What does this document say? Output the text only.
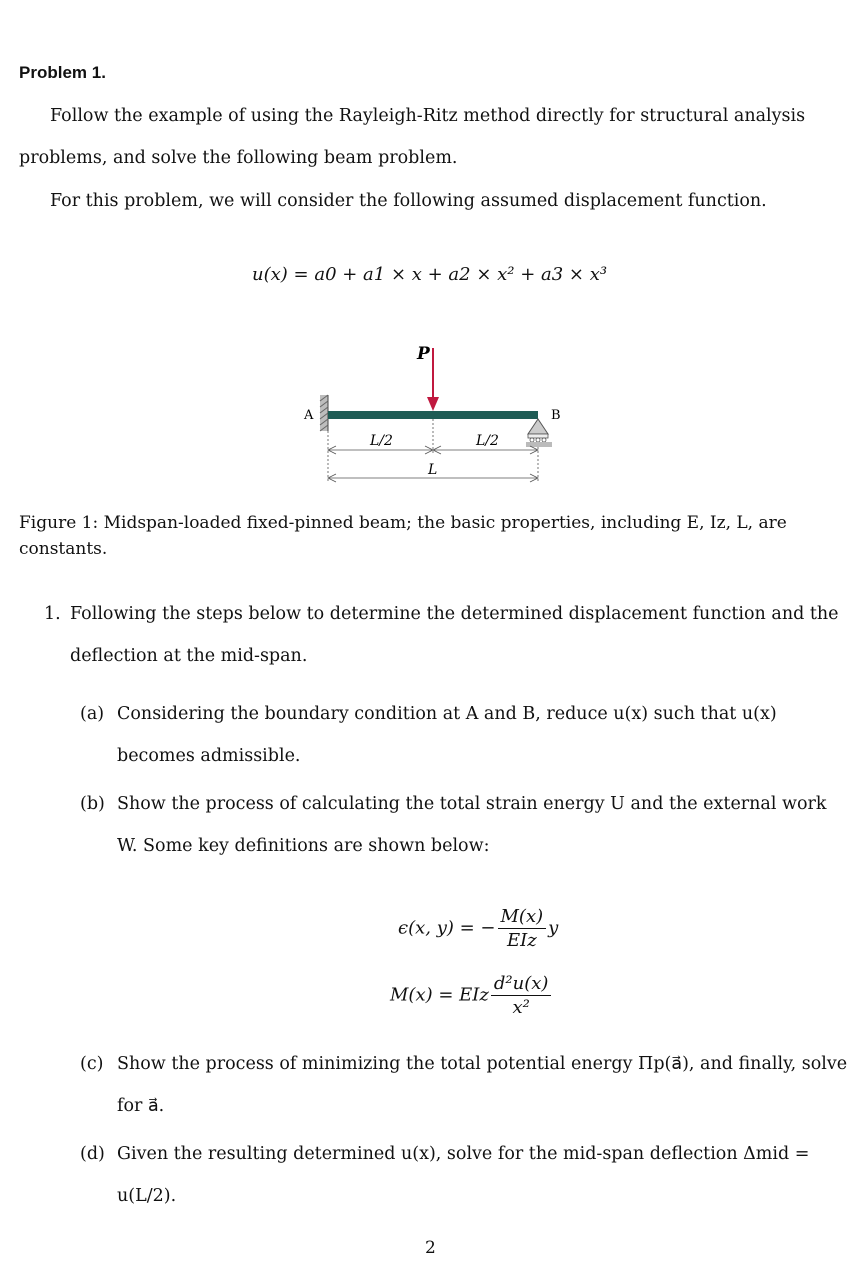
Problem 1.
Follow the example of using the Rayleigh-Ritz method directly for structural analysis
problems, and solve the following beam problem.
For this problem, we will consider the following assumed displacement function.
u(x) = a0 + a1 × x + a2 × x² + a3 × x³
A
P
B
L/2	L/2
L
Figure 1: Midspan-loaded fixed-pinned beam; the basic properties, including E, Iz, L, are
constants.
1. Following the steps below to determine the determined displacement function and the
deflection at the mid-span.
(a) Considering the boundary condition at A and B, reduce u(x) such that u(x)
becomes admissible.
(b) Show the process of calculating the total strain energy U and the external work
W. Some key definitions are shown below:
ϵ(x, y) = − $\frac{M(x)}{\text{EIz}}$ y
M(x) = EIz $\frac{\text{d²u(x)}}{\text{x²}}$
(c) Show the process of minimizing the total potential energy Πp(a⃗), and finally, solve
for a⃗.
(d) Given the resulting determined u(x), solve for the mid-span deflection Δmid =
u(L/2).
2
